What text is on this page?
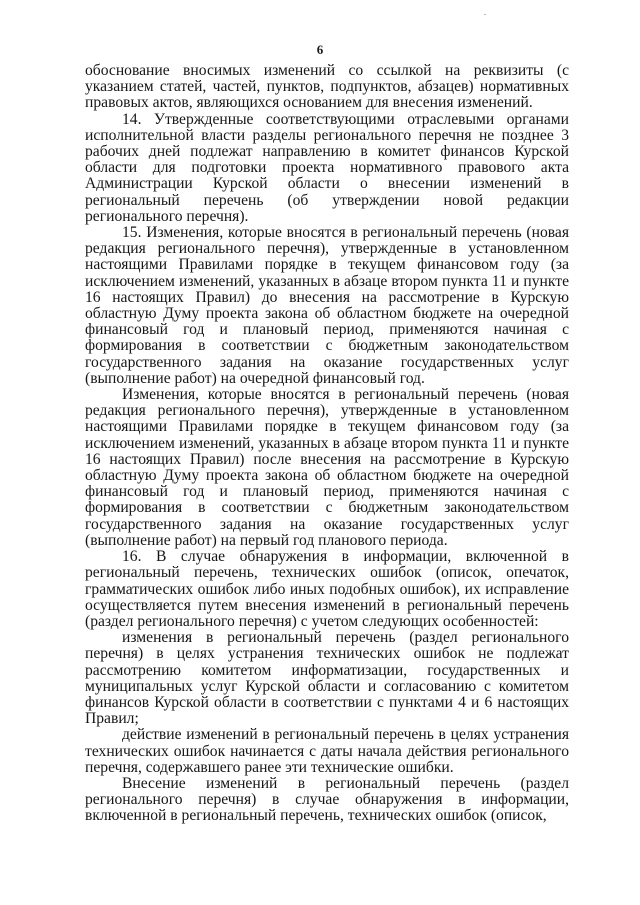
6

обоснование вносимых изменений со ссылкой на реквизиты (с указанием статей, частей, пунктов, подпунктов, абзацев) нормативных правовых актов, являющихся основанием для внесения изменений.

14. Утвержденные соответствующими отраслевыми органами исполнительной власти разделы регионального перечня не позднее 3 рабочих дней подлежат направлению в комитет финансов Курской области для подготовки проекта нормативного правового акта Администрации Курской области о внесении изменений в региональный перечень (об утверждении новой редакции регионального перечня).

15. Изменения, которые вносятся в региональный перечень (новая редакция регионального перечня), утвержденные в установленном настоящими Правилами порядке в текущем финансовом году (за исключением изменений, указанных в абзаце втором пункта 11 и пункте 16 настоящих Правил) до внесения на рассмотрение в Курскую областную Думу проекта закона об областном бюджете на очередной финансовый год и плановый период, применяются начиная с формирования в соответствии с бюджетным законодательством государственного задания на оказание государственных услуг (выполнение работ) на очередной финансовый год.

Изменения, которые вносятся в региональный перечень (новая редакция регионального перечня), утвержденные в установленном настоящими Правилами порядке в текущем финансовом году (за исключением изменений, указанных в абзаце втором пункта 11 и пункте 16 настоящих Правил) после внесения на рассмотрение в Курскую областную Думу проекта закона об областном бюджете на очередной финансовый год и плановый период, применяются начиная с формирования в соответствии с бюджетным законодательством государственного задания на оказание государственных услуг (выполнение работ) на первый год планового периода.

16. В случае обнаружения в информации, включенной в региональный перечень, технических ошибок (описок, опечаток, грамматических ошибок либо иных подобных ошибок), их исправление осуществляется путем внесения изменений в региональный перечень (раздел регионального перечня) с учетом следующих особенностей:

изменения в региональный перечень (раздел регионального перечня) в целях устранения технических ошибок не подлежат рассмотрению комитетом информатизации, государственных и муниципальных услуг Курской области и согласованию с комитетом финансов Курской области в соответствии с пунктами 4 и 6 настоящих Правил;

действие изменений в региональный перечень в целях устранения технических ошибок начинается с даты начала действия регионального перечня, содержавшего ранее эти технические ошибки.

Внесение изменений в региональный перечень (раздел регионального перечня) в случае обнаружения в информации, включенной в региональный перечень, технических ошибок (описок,
